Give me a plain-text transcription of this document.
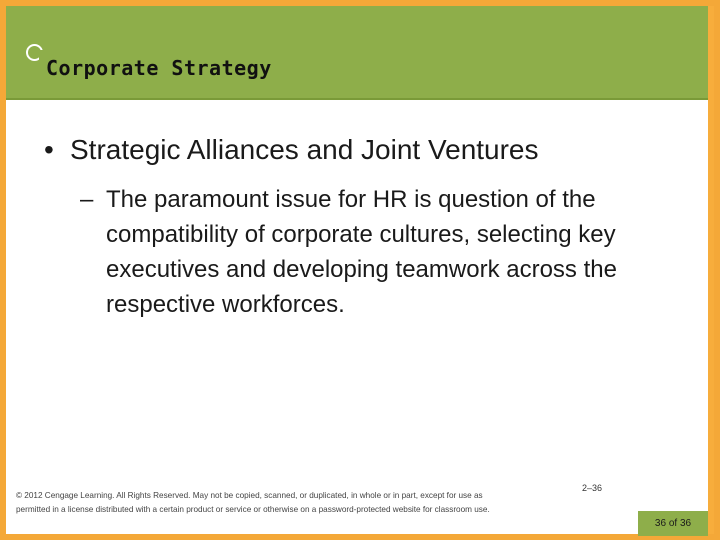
Corporate Strategy
• Strategic Alliances and Joint Ventures
– The paramount issue for HR is question of the compatibility of corporate cultures, selecting key executives and developing teamwork across the respective workforces.
© 2012 Cengage Learning. All Rights Reserved. May not be copied, scanned, or duplicated, in whole or in part, except for use as
permitted in a license distributed with a certain product or service or otherwise on a password-protected website for classroom use.
2–36
36 of 36
